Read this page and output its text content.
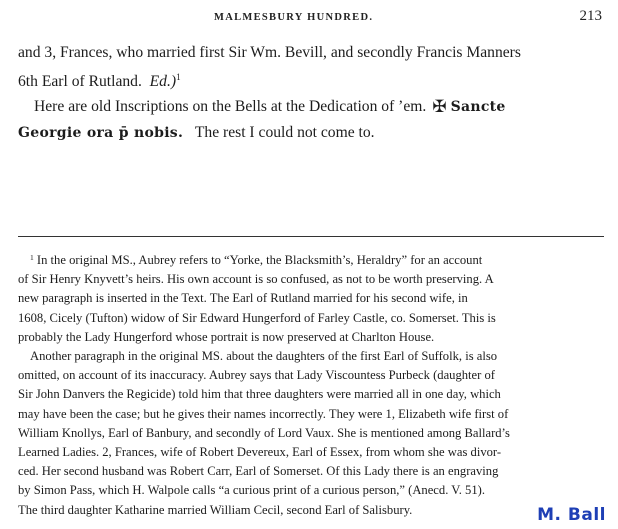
MALMESBURY HUNDRED.	213

and 3, Frances, who married first Sir Wm. Bevill, and secondly Francis Manners
6th Earl of Rutland. Ed.)$^1$

Here are old Inscriptions on the Bells at the Dedication of ’em. ✠ Sancte
Georgie ora p̄ nobis. The rest I could not come to.

$^1$ In the original MS., Aubrey refers to “Yorke, the Blacksmith’s, Heraldry” for an account
of Sir Henry Knyvett’s heirs. His own account is so confused, as not to be worth preserving. A
new paragraph is inserted in the Text. The Earl of Rutland married for his second wife, in
1608, Cicely (Tufton) widow of Sir Edward Hungerford of Farley Castle, co. Somerset. This is
probably the Lady Hungerford whose portrait is now preserved at Charlton House.
Another paragraph in the original MS. about the daughters of the first Earl of Suffolk, is also
omitted, on account of its inaccuracy. Aubrey says that Lady Viscountess Purbeck (daughter of
Sir John Danvers the Regicide) told him that three daughters were married all in one day, which
may have been the case; but he gives their names incorrectly. They were 1, Elizabeth wife first of
William Knollys, Earl of Banbury, and secondly of Lord Vaux. She is mentioned among Ballard’s
Learned Ladies. 2, Frances, wife of Robert Devereux, Earl of Essex, from whom she was divor-
ced. Her second husband was Robert Carr, Earl of Somerset. Of this Lady there is an engraving
by Simon Pass, which H. Walpole calls “a curious print of a curious person,” (Anecd. V. 51).
The third daughter Katharine married William Cecil, second Earl of Salisbury.	M. Ball
